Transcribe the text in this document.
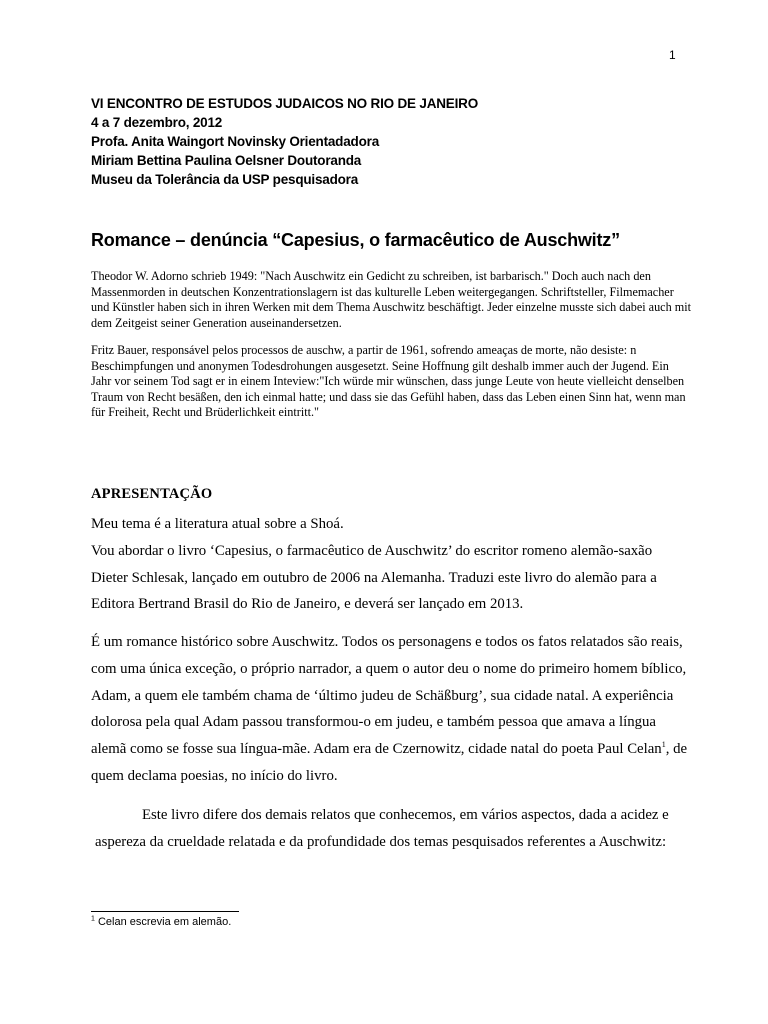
1
VI ENCONTRO DE ESTUDOS JUDAICOS NO RIO DE JANEIRO
4 a 7 dezembro, 2012
Profa. Anita Waingort Novinsky Orientadadora
Miriam Bettina Paulina Oelsner Doutoranda
Museu da Tolerância da USP pesquisadora
Romance – denúncia “Capesius, o farmacêutico de Auschwitz”
Theodor W. Adorno schrieb 1949: "Nach Auschwitz ein Gedicht zu schreiben, ist barbarisch." Doch auch nach den Massenmorden in deutschen Konzentrationslagern ist das kulturelle Leben weitergegangen. Schriftsteller, Filmemacher und Künstler haben sich in ihren Werken mit dem Thema Auschwitz beschäftigt. Jeder einzelne musste sich dabei auch mit dem Zeitgeist seiner Generation auseinandersetzen.
Fritz Bauer, responsável pelos processos de auschw, a partir de 1961, sofrendo ameaças de morte, não desiste: n Beschimpfungen und anonymen Todesdrohungen ausgesetzt. Seine Hoffnung gilt deshalb immer auch der Jugend. Ein Jahr vor seinem Tod sagt er in einem Inteview:"Ich würde mir wünschen, dass junge Leute von heute vielleicht denselben Traum von Recht besäßen, den ich einmal hatte; und dass sie das Gefühl haben, dass das Leben einen Sinn hat, wenn man für Freiheit, Recht und Brüderlichkeit eintritt."
APRESENTAÇÃO
Meu tema é a literatura atual sobre a Shoá.
Vou abordar o livro ‘Capesius, o farmacêutico de Auschwitz’ do escritor romeno alemão-saxão Dieter Schlesak, lançado em outubro de 2006 na Alemanha. Traduzi este livro do alemão para a Editora Bertrand Brasil do Rio de Janeiro, e deverá ser lançado em 2013.
É um romance histórico sobre Auschwitz. Todos os personagens e todos os fatos relatados são reais, com uma única exceção, o próprio narrador, a quem o autor deu o nome do primeiro homem bíblico, Adam, a quem ele também chama de ‘último judeu de Schäßburg’, sua cidade natal. A experiência dolorosa pela qual Adam passou transformou-o em judeu, e também pessoa que amava a língua alemã como se fosse sua língua-mãe. Adam era de Czernowitz, cidade natal do poeta Paul Celan$^1$, de quem declama poesias, no início do livro.
Este livro difere dos demais relatos que conhecemos, em vários aspectos, dada a acidez e
aspereza da crueldade relatada e da profundidade dos temas pesquisados referentes a Auschwitz:
$^1$ Celan escrevia em alemão.
